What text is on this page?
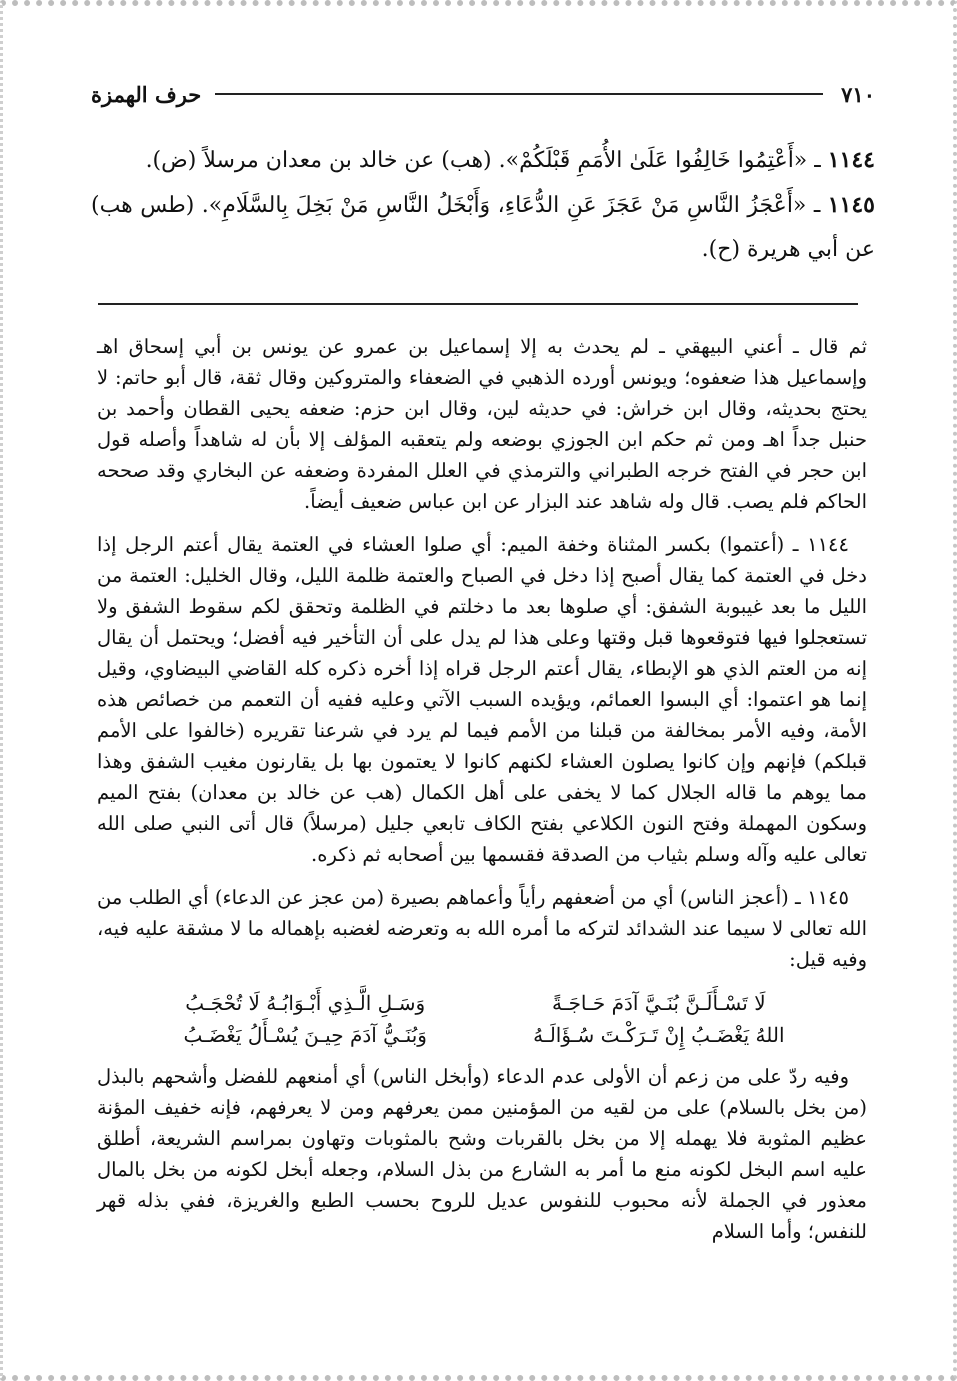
٧١٠
حرف الهمزة

١١٤٤ ـ «أَعْتِمُوا خَالِفُوا عَلَىٰ الأُمَمِ قَبْلَكُمْ». (هب) عن خالد بن معدان مرسلاً (ض).

١١٤٥ ـ «أَعْجَزُ النَّاسِ مَنْ عَجَزَ عَنِ الدُّعَاءِ، وَأَبْخَلُ النَّاسِ مَنْ بَخِلَ بِالسَّلَامِ». (طس هب) عن أبي هريرة (ح).

ثم قال ـ أعني البيهقي ـ لم يحدث به إلا إسماعيل بن عمرو عن يونس بن أبي إسحاق اهـ وإسماعيل هذا ضعفوه؛ ويونس أورده الذهبي في الضعفاء والمتروكين وقال ثقة، قال أبو حاتم: لا يحتج بحديثه، وقال ابن خراش: في حديثه لين، وقال ابن حزم: ضعفه يحيى القطان وأحمد بن حنبل جداً اهـ ومن ثم حكم ابن الجوزي بوضعه ولم يتعقبه المؤلف إلا بأن له شاهداً وأصله قول ابن حجر في الفتح خرجه الطبراني والترمذي في العلل المفردة وضعفه عن البخاري وقد صححه الحاكم فلم يصب. قال وله شاهد عند البزار عن ابن عباس ضعيف أيضاً.

١١٤٤ ـ (أعتموا) بكسر المثناة وخفة الميم: أي صلوا العشاء في العتمة يقال أعتم الرجل إذا دخل في العتمة كما يقال أصبح إذا دخل في الصباح والعتمة ظلمة الليل، وقال الخليل: العتمة من الليل ما بعد غيبوبة الشفق: أي صلوها بعد ما دخلتم في الظلمة وتحقق لكم سقوط الشفق ولا تستعجلوا فيها فتوقعوها قبل وقتها وعلى هذا لم يدل على أن التأخير فيه أفضل؛ ويحتمل أن يقال إنه من العتم الذي هو الإبطاء، يقال أعتم الرجل قراه إذا أخره ذكره كله القاضي البيضاوي، وقيل إنما هو اعتموا: أي البسوا العمائم، ويؤيده السبب الآتي وعليه ففيه أن التعمم من خصائص هذه الأمة، وفيه الأمر بمخالفة من قبلنا من الأمم فيما لم يرد في شرعنا تقريره (خالفوا على الأمم قبلكم) فإنهم وإن كانوا يصلون العشاء لكنهم كانوا لا يعتمون بها بل يقارنون مغيب الشفق وهذا مما يوهم ما قاله الجلال كما لا يخفى على أهل الكمال (هب عن خالد بن معدان) بفتح الميم وسكون المهملة وفتح النون الكلاعي بفتح الكاف تابعي جليل (مرسلاً) قال أتى النبي صلى الله تعالى عليه وآله وسلم بثياب من الصدقة فقسمها بين أصحابه ثم ذكره.

١١٤٥ ـ (أعجز الناس) أي من أضعفهم رأياً وأعماهم بصيرة (من عجز عن الدعاء) أي الطلب من الله تعالى لا سيما عند الشدائد لتركه ما أمره الله به وتعرضه لغضبه بإهماله ما لا مشقة عليه فيه، وفيه قيل:

لَا تَسْـأَلَـنَّ بُنَـيَّ آدَمَ حَـاجَـةً
وَسَـلِ الَّـذِي أَبْـوَابُـهُ لَا تُحْجَـبُ
اللهُ يَغْضَـبُ إِنْ تَـرَكْـتَ سُـؤَالَـهُ
وَبُنَـيُّ آدَمَ حِيـنَ يُسْـأَلُ يَغْضَـبُ

وفيه ردّ على من زعم أن الأولى عدم الدعاء (وأبخل الناس) أي أمنعهم للفضل وأشحهم بالبذل (من بخل بالسلام) على من لقيه من المؤمنين ممن يعرفهم ومن لا يعرفهم، فإنه خفيف المؤنة عظيم المثوبة فلا يهمله إلا من بخل بالقربات وشح بالمثوبات وتهاون بمراسم الشريعة، أطلق عليه اسم البخل لكونه منع ما أمر به الشارع من بذل السلام، وجعله أبخل لكونه من بخل بالمال معذور في الجملة لأنه محبوب للنفوس عديل للروح بحسب الطبع والغريزة، ففي بذله قهر للنفس؛ وأما السلام
